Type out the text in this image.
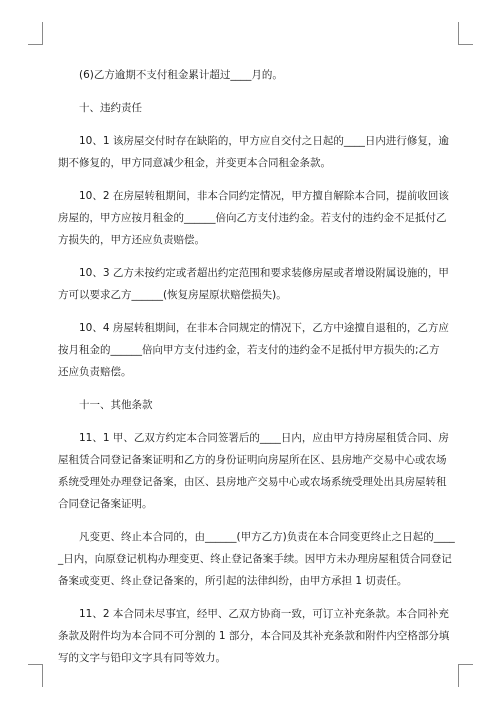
(6)乙方逾期不支付租金累计超过____月的。
十、违约责任
10、1 该房屋交付时存在缺陷的，甲方应自交付之日起的____日内进行修复，逾
期不修复的，甲方同意减少租金，并变更本合同租金条款。
10、2 在房屋转租期间，非本合同约定情况，甲方擅自解除本合同，提前收回该
房屋的，甲方应按月租金的______倍向乙方支付违约金。若支付的违约金不足抵付乙
方损失的，甲方还应负责赔偿。
10、3 乙方未按约定或者超出约定范围和要求装修房屋或者增设附属设施的，甲
方可以要求乙方______(恢复房屋原状赔偿损失)。
10、4 房屋转租期间，在非本合同规定的情况下，乙方中途擅自退租的，乙方应
按月租金的______倍向甲方支付违约金，若支付的违约金不足抵付甲方损失的;乙方
还应负责赔偿。
十一、其他条款
11、1 甲、乙双方约定本合同签署后的____日内，应由甲方持房屋租赁合同、房
屋租赁合同登记备案证明和乙方的身份证明向房屋所在区、县房地产交易中心或农场
系统受理处办理登记备案，由区、县房地产交易中心或农场系统受理处出具房屋转租
合同登记备案证明。
凡变更、终止本合同的，由______(甲方乙方)负责在本合同变更终止之日起的____
_日内，向原登记机构办理变更、终止登记备案手续。因甲方未办理房屋租赁合同登记
备案或变更、终止登记备案的，所引起的法律纠纷，由甲方承担 1 切责任。
11、2 本合同未尽事宜，经甲、乙双方协商一致，可订立补充条款。本合同补充
条款及附件均为本合同不可分割的 1 部分，本合同及其补充条款和附件内空格部分填
写的文字与铅印文字具有同等效力。
